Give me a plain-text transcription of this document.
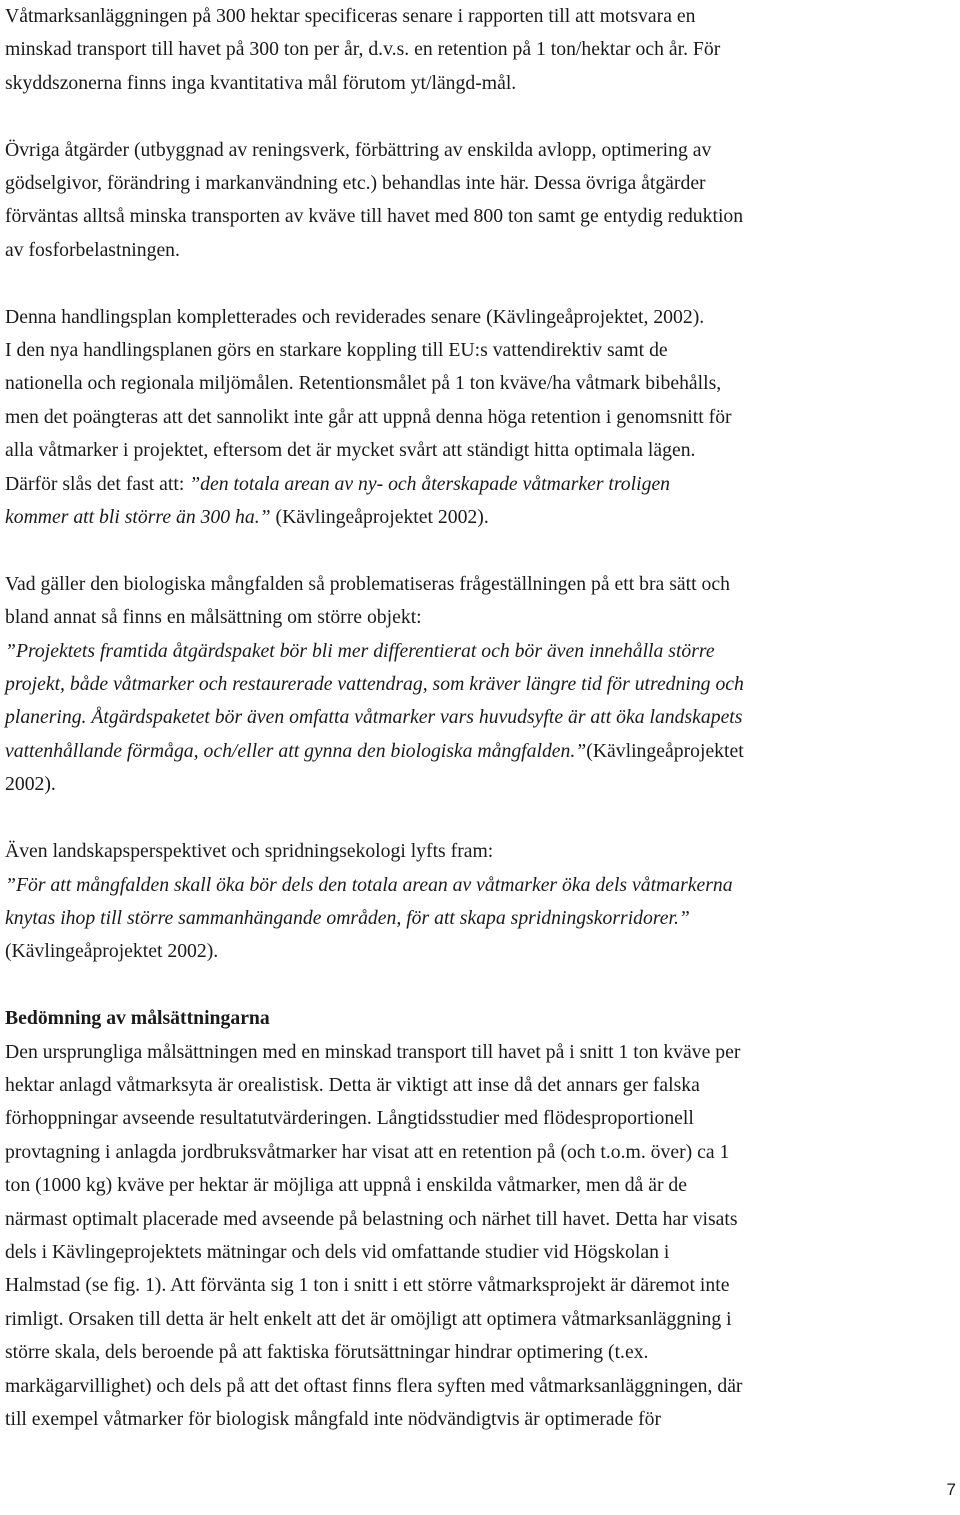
Våtmarksanläggningen på 300 hektar specificeras senare i rapporten till att motsvara en
minskad transport till havet på 300 ton per år, d.v.s. en retention på 1 ton/hektar och år. För
skyddszonerna finns inga kvantitativa mål förutom yt/längd-mål.

Övriga åtgärder (utbyggnad av reningsverk, förbättring av enskilda avlopp, optimering av
gödselgivor, förändring i markanvändning etc.) behandlas inte här. Dessa övriga åtgärder
förväntas alltså minska transporten av kväve till havet med 800 ton samt ge entydig reduktion
av fosforbelastningen.

Denna handlingsplan kompletterades och reviderades senare (Kävlingeåprojektet, 2002).
I den nya handlingsplanen görs en starkare koppling till EU:s vattendirektiv samt de
nationella och regionala miljömålen. Retentionsmålet på 1 ton kväve/ha våtmark bibehålls,
men det poängteras att det sannolikt inte går att uppnå denna höga retention i genomsnitt för
alla våtmarker i projektet, eftersom det är mycket svårt att ständigt hitta optimala lägen.
Därför slås det fast att: ”den totala arean av ny- och återskapade våtmarker troligen
kommer att bli större än 300 ha.” (Kävlingeåprojektet 2002).

Vad gäller den biologiska mångfalden så problematiseras frågeställningen på ett bra sätt och
bland annat så finns en målsättning om större objekt:
”Projektets framtida åtgärdspaket bör bli mer differentierat och bör även innehålla större
projekt, både våtmarker och restaurerade vattendrag, som kräver längre tid för utredning och
planering. Åtgärdspaketet bör även omfatta våtmarker vars huvudsyfte är att öka landskapets
vattenhållande förmåga, och/eller att gynna den biologiska mångfalden.”(Kävlingeåprojektet
2002).

Även landskapsperspektivet och spridningsekologi lyfts fram:
”För att mångfalden skall öka bör dels den totala arean av våtmarker öka dels våtmarkerna
knytas ihop till större sammanhängande områden, för att skapa spridningskorridorer.”
(Kävlingeåprojektet 2002).

Bedömning av målsättningarna
Den ursprungliga målsättningen med en minskad transport till havet på i snitt 1 ton kväve per
hektar anlagd våtmarksyta är orealistisk. Detta är viktigt att inse då det annars ger falska
förhoppningar avseende resultatutvärderingen. Långtidsstudier med flödesproportionell
provtagning i anlagda jordbruksvåtmarker har visat att en retention på (och t.o.m. över) ca 1
ton (1000 kg) kväve per hektar är möjliga att uppnå i enskilda våtmarker, men då är de
närmast optimalt placerade med avseende på belastning och närhet till havet. Detta har visats
dels i Kävlingeprojektets mätningar och dels vid omfattande studier vid Högskolan i
Halmstad (se fig. 1). Att förvänta sig 1 ton i snitt i ett större våtmarksprojekt är däremot inte
rimligt. Orsaken till detta är helt enkelt att det är omöjligt att optimera våtmarksanläggning i
större skala, dels beroende på att faktiska förutsättningar hindrar optimering (t.ex.
markägarvillighet) och dels på att det oftast finns flera syften med våtmarksanläggningen, där
till exempel våtmarker för biologisk mångfald inte nödvändigtvis är optimerade för

7
